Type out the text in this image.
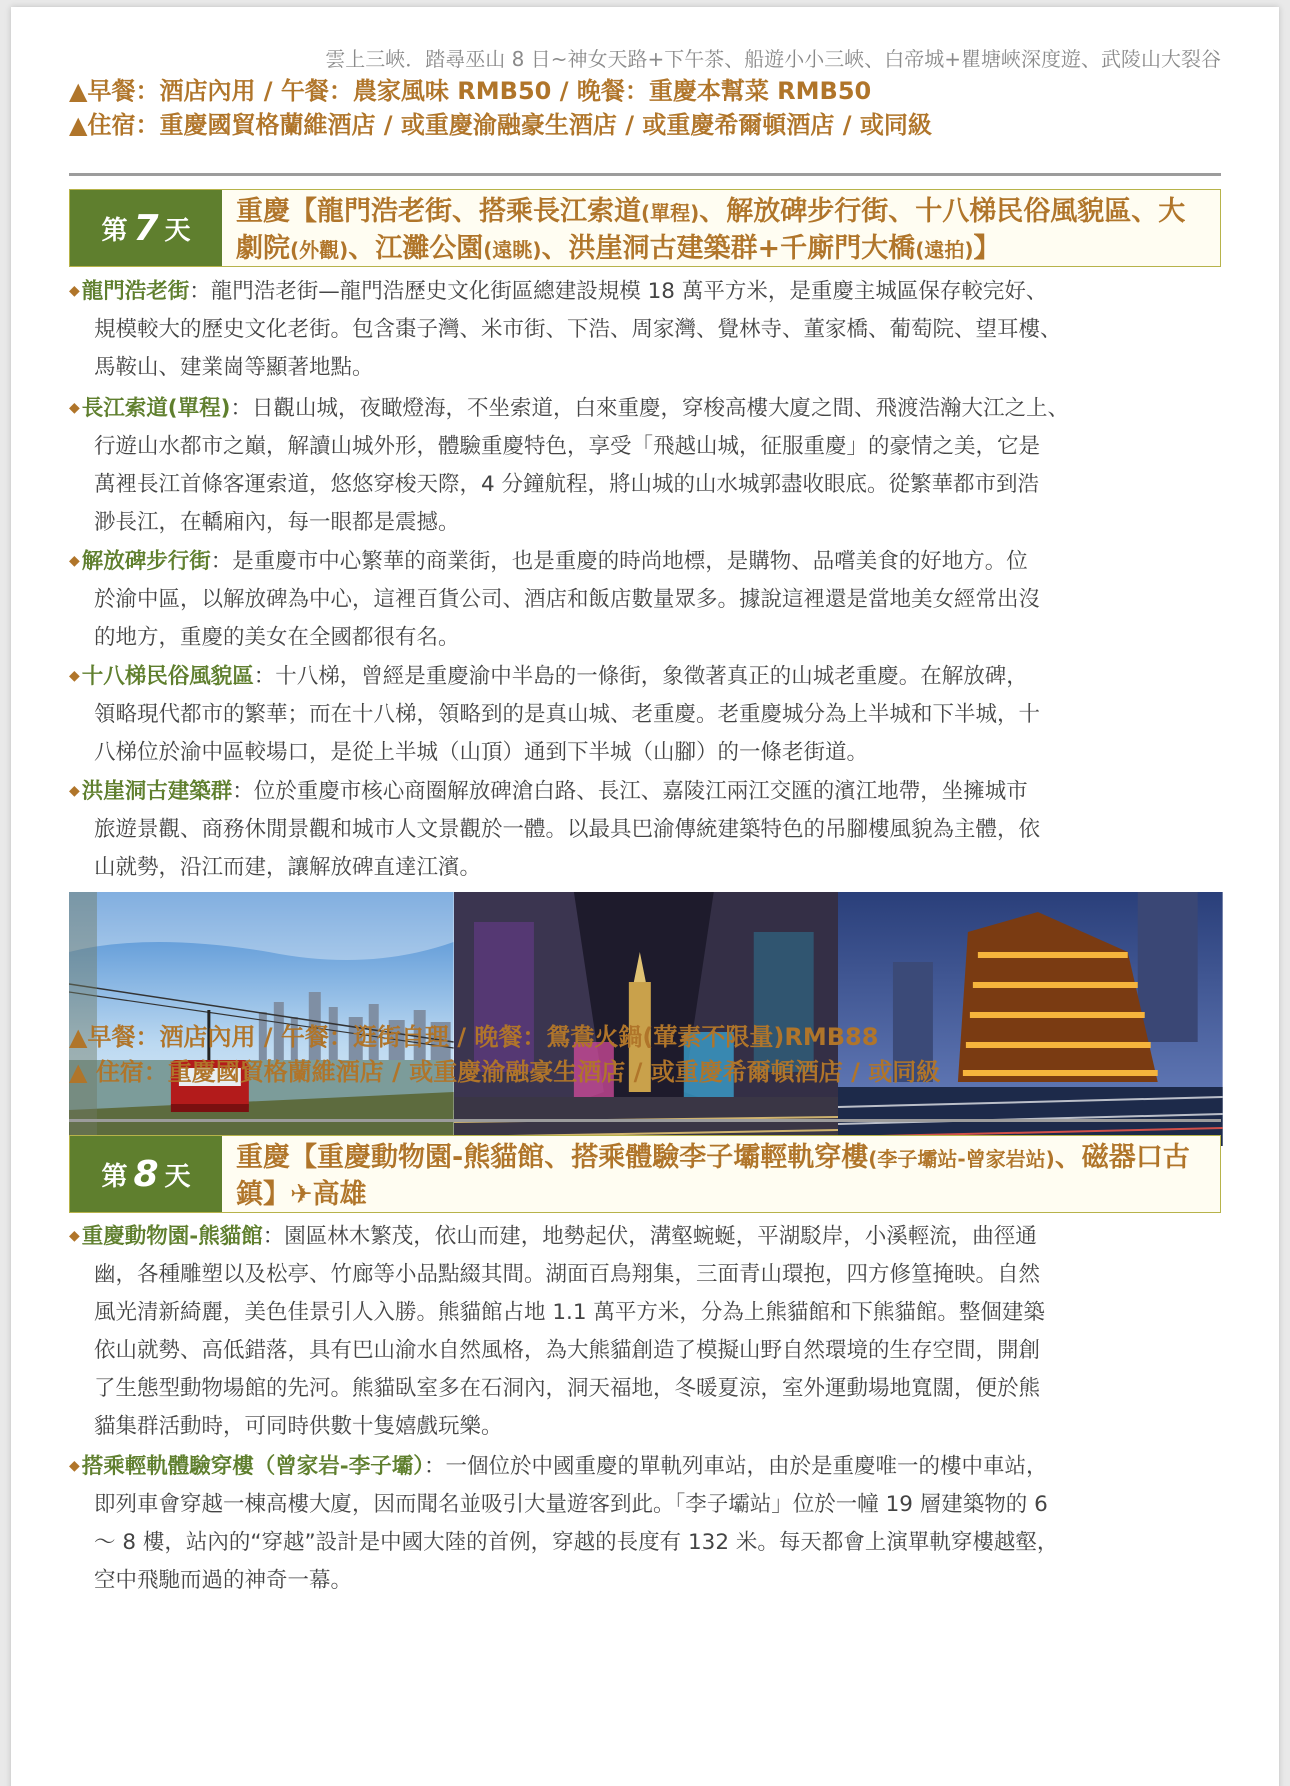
雲上三峽．踏尋巫山 8 日~神女天路+下午茶、船遊小小三峽、白帝城+瞿塘峽深度遊、武陵山大裂谷
▲早餐：酒店內用 / 午餐：農家風味 RMB50 / 晚餐：重慶本幫菜 RMB50
▲住宿：重慶國貿格蘭維酒店 / 或重慶渝融豪生酒店 / 或重慶希爾頓酒店 / 或同級
第 7 天
重慶【龍門浩老街、搭乘長江索道(單程)、解放碑步行街、十八梯民俗風貌區、大劇院(外觀)、江灘公園(遠眺)、洪崖洞古建築群+千廝門大橋(遠拍)】
◆龍門浩老街：龍門浩老街—龍門浩歷史文化街區總建設規模 18 萬平方米，是重慶主城區保存較完好、
規模較大的歷史文化老街。包含棗子灣、米市街、下浩、周家灣、覺林寺、董家橋、葡萄院、望耳樓、
馬鞍山、建業崗等顯著地點。
◆長江索道(單程)：日觀山城，夜瞰燈海，不坐索道，白來重慶，穿梭高樓大廈之間、飛渡浩瀚大江之上、
行遊山水都市之巔，解讀山城外形，體驗重慶特色，享受「飛越山城，征服重慶」的豪情之美，它是
萬裡長江首條客運索道，悠悠穿梭天際，4 分鐘航程，將山城的山水城郭盡收眼底。從繁華都市到浩
渺長江，在轎廂內，每一眼都是震撼。
◆解放碑步行街：是重慶市中心繁華的商業街，也是重慶的時尚地標，是購物、品嚐美食的好地方。位
於渝中區，以解放碑為中心，這裡百貨公司、酒店和飯店數量眾多。據說這裡還是當地美女經常出沒
的地方，重慶的美女在全國都很有名。
◆十八梯民俗風貌區：十八梯，曾經是重慶渝中半島的一條街，象徵著真正的山城老重慶。在解放碑，
領略現代都市的繁華；而在十八梯，領略到的是真山城、老重慶。老重慶城分為上半城和下半城，十
八梯位於渝中區較場口，是從上半城（山頂）通到下半城（山腳）的一條老街道。
◆洪崖洞古建築群：位於重慶市核心商圈解放碑滄白路、長江、嘉陵江兩江交匯的濱江地帶，坐擁城市
旅遊景觀、商務休閒景觀和城市人文景觀於一體。以最具巴渝傳統建築特色的吊腳樓風貌為主體，依
山就勢，沿江而建，讓解放碑直達江濱。
▲早餐：酒店內用 / 午餐：逛街自理 / 晚餐：鴛鴦火鍋(葷素不限量)RMB88
▲ 住宿：重慶國貿格蘭維酒店 / 或重慶渝融豪生酒店 / 或重慶希爾頓酒店 / 或同級
第 8 天
重慶【重慶動物園-熊貓館、搭乘體驗李子壩輕軌穿樓(李子壩站-曾家岩站)、磁器口古鎮】✈高雄
◆重慶動物園-熊貓館：園區林木繁茂，依山而建，地勢起伏，溝壑蜿蜒，平湖駁岸，小溪輕流，曲徑通
幽，各種雕塑以及松亭、竹廊等小品點綴其間。湖面百鳥翔集，三面青山環抱，四方修篁掩映。自然
風光清新綺麗，美色佳景引人入勝。熊貓館占地 1.1 萬平方米，分為上熊貓館和下熊貓館。整個建築
依山就勢、高低錯落，具有巴山渝水自然風格，為大熊貓創造了模擬山野自然環境的生存空間，開創
了生態型動物場館的先河。熊貓臥室多在石洞內，洞天福地，冬暖夏涼，室外運動場地寬闊，便於熊
貓集群活動時，可同時供數十隻嬉戲玩樂。
◆搭乘輕軌體驗穿樓（曾家岩-李子壩）：一個位於中國重慶的單軌列車站，由於是重慶唯一的樓中車站，
即列車會穿越一棟高樓大廈，因而聞名並吸引大量遊客到此。「李子壩站」位於一幢 19 層建築物的 6
～ 8 樓，站內的“穿越”設計是中國大陸的首例，穿越的長度有 132 米。每天都會上演單軌穿樓越壑，
空中飛馳而過的神奇一幕。
